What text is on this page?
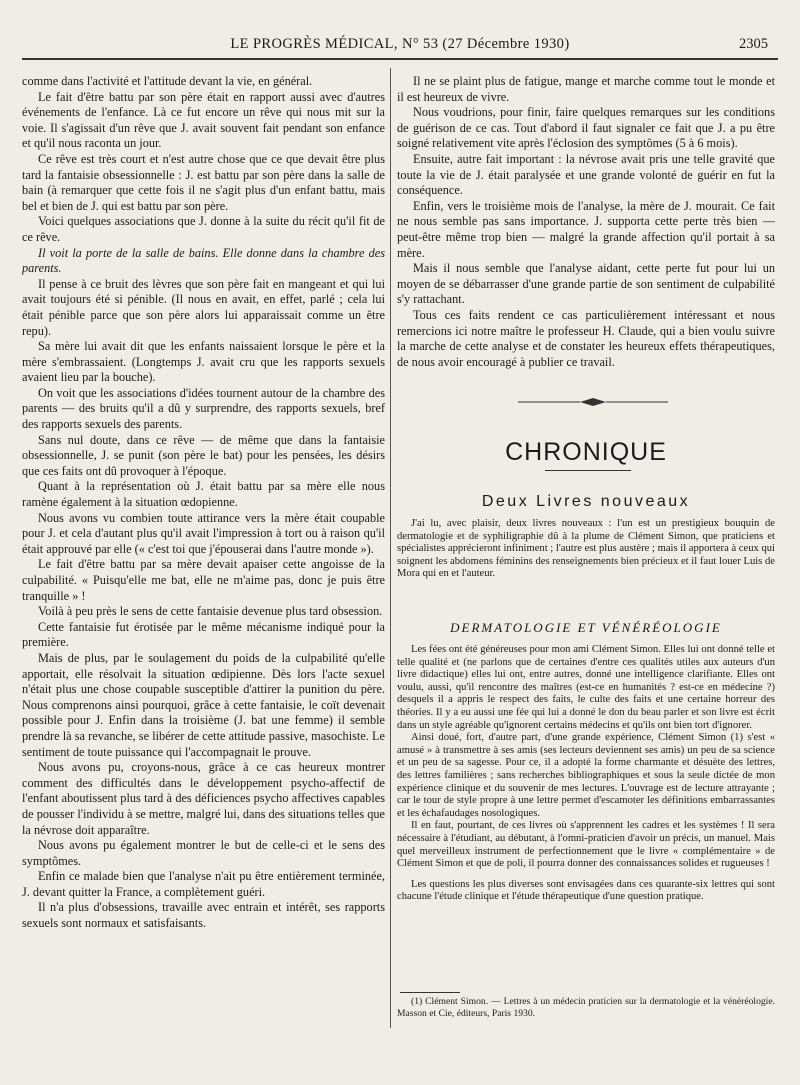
LE PROGRÈS MÉDICAL, N° 53 (27 Décembre 1930)	2305

comme dans l'activité et l'attitude devant la vie, en général.

Le fait d'être battu par son père était en rapport aussi avec d'autres événements de l'enfance. Là ce fut encore un rêve qui nous mit sur la voie. Il s'agissait d'un rêve que J. avait souvent fait pendant son enfance et qu'il nous raconta un jour.

Ce rêve est très court et n'est autre chose que ce que devait être plus tard la fantaisie obsessionnelle : J. est battu par son père dans la salle de bain (à remarquer que cette fois il ne s'agit plus d'un enfant battu, mais bel et bien de J. qui est battu par son père.

Voici quelques associations que J. donne à la suite du récit qu'il fit de ce rêve.

Il voit la porte de la salle de bains. Elle donne dans la chambre des parents.

Il pense à ce bruit des lèvres que son père fait en mangeant et qui lui avait toujours été si pénible. (Il nous en avait, en effet, parlé ; cela lui était pénible parce que son père alors lui apparaissait comme un être repu).

Sa mère lui avait dit que les enfants naissaient lorsque le père et la mère s'embrassaient. (Longtemps J. avait cru que les rapports sexuels avaient lieu par la bouche).

On voit que les associations d'idées tournent autour de la chambre des parents — des bruits qu'il a dû y surprendre, des rapports sexuels, bref des rapports sexuels des parents.

Sans nul doute, dans ce rêve — de même que dans la fantaisie obsessionnelle, J. se punit (son père le bat) pour les pensées, les désirs que ces faits ont dû provoquer à l'époque.

Quant à la représentation où J. était battu par sa mère elle nous ramène également à la situation œdopienne.

Nous avons vu combien toute attirance vers la mère était coupable pour J. et cela d'autant plus qu'il avait l'impression à tort ou à raison qu'il était approuvé par elle (« c'est toi que j'épouserai dans l'autre monde »).

Le fait d'être battu par sa mère devait apaiser cette angoisse de la culpabilité. « Puisqu'elle me bat, elle ne m'aime pas, donc je puis être tranquille » !

Voilà à peu près le sens de cette fantaisie devenue plus tard obsession.

Cette fantaisie fut érotisée par le même mécanisme indiqué pour la première.

Mais de plus, par le soulagement du poids de la culpabilité qu'elle apportait, elle résolvait la situation œdipienne. Dès lors l'acte sexuel n'était plus une chose coupable susceptible d'attirer la punition du père. Nous comprenons ainsi pourquoi, grâce à cette fantaisie, le coït devenait possible pour J. Enfin dans la troisième (J. bat une femme) il semble prendre là sa revanche, se libérer de cette attitude passive, masochiste. Le sentiment de toute puissance qui l'accompagnait le prouve.

Nous avons pu, croyons-nous, grâce à ce cas heureux montrer comment des difficultés dans le développement psycho-affectif de l'enfant aboutissent plus tard à des déficiences psycho affectives capables de pousser l'individu à se mettre, malgré lui, dans des situations telles que la névrose doit apparaître.

Nous avons pu également montrer le but de celle-ci et le sens des symptômes.

Enfin ce malade bien que l'analyse n'ait pu être entièrement terminée, J. devant quitter la France, a complètement guéri.

Il n'a plus d'obsessions, travaille avec entrain et intérêt, ses rapports sexuels sont normaux et satisfaisants.

Il ne se plaint plus de fatigue, mange et marche comme tout le monde et il est heureux de vivre.

Nous voudrions, pour finir, faire quelques remarques sur les conditions de guérison de ce cas. Tout d'abord il faut signaler ce fait que J. a pu être soigné relativement vite après l'éclosion des symptômes (5 à 6 mois).

Ensuite, autre fait important : la névrose avait pris une telle gravité que toute la vie de J. était paralysée et une grande volonté de guérir en fut la conséquence.

Enfin, vers le troisième mois de l'analyse, la mère de J. mourait. Ce fait ne nous semble pas sans importance. J. supporta cette perte très bien — peut-être même trop bien — malgré la grande affection qu'il portait à sa mère.

Mais il nous semble que l'analyse aidant, cette perte fut pour lui un moyen de se débarrasser d'une grande partie de son sentiment de culpabilité s'y rattachant.

Tous ces faits rendent ce cas particulièrement intéressant et nous remercions ici notre maître le professeur H. Claude, qui a bien voulu suivre la marche de cette analyse et de constater les heureux effets thérapeutiques, de nous avoir encouragé à publier ce travail.

CHRONIQUE
Deux Livres nouveaux

J'ai lu, avec plaisir, deux livres nouveaux : l'un est un prestigieux bouquin de dermatologie et de syphiligraphie dû à la plume de Clément Simon, que praticiens et spécialistes apprécieront infiniment ; l'autre est plus austère ; mais il apportera à ceux qui soignent les abdomens féminins des renseignements bien précieux et il faut louer Luis de Mora qui en et l'auteur.

DERMATOLOGIE ET VÉNÉRÉOLOGIE

Les fées ont été généreuses pour mon ami Clément Simon. Elles lui ont donné telle et telle qualité et (ne parlons que de certaines d'entre ces qualités utiles aux auteurs d'un livre didactique) elles lui ont, entre autres, donné une intelligence clarifiante. Elles ont voulu, aussi, qu'il rencontre des maîtres (est-ce en humanités ? est-ce en médecine ?) desquels il a appris le respect des faits, le culte des faits et une certaine horreur des théories. Il y a eu aussi une fée qui lui a donné le don du beau parler et son livre est écrit dans un style agréable qu'ignorent certains médecins et qu'ils ont bien tort d'ignorer.

Ainsi doué, fort, d'autre part, d'une grande expérience, Clément Simon (1) s'est « amusé » à transmettre à ses amis (ses lecteurs deviennent ses amis) un peu de sa science et un peu de sa sagesse. Pour ce, il a adopté la forme charmante et désuète des lettres, des lettres familières ; sans recherches bibliographiques et sous la seule dictée de mon expérience clinique et du souvenir de mes lectures. L'ouvrage est de lecture attrayante ; car le tour de style propre à une lettre permet d'escamoter les définitions embarrassantes et les échafaudages nosologiques.

Il en faut, pourtant, de ces livres où s'apprennent les cadres et les systèmes ! Il sera nécessaire à l'étudiant, au débutant, à l'omni-praticien d'avoir un précis, un manuel. Mais quel merveilleux instrument de perfectionnement que le livre « complémentaire » de Clément Simon et que de poli, il pourra donner des connaissances solides et rugueuses !

Les questions les plus diverses sont envisagées dans ces quarante-six lettres qui sont chacune l'étude clinique et l'étude thérapeutique d'une question pratique.

(1) Clément Simon. — Lettres à un médecin praticien sur la dermatologie et la vénéréologie. Masson et Cie, éditeurs, Paris 1930.
